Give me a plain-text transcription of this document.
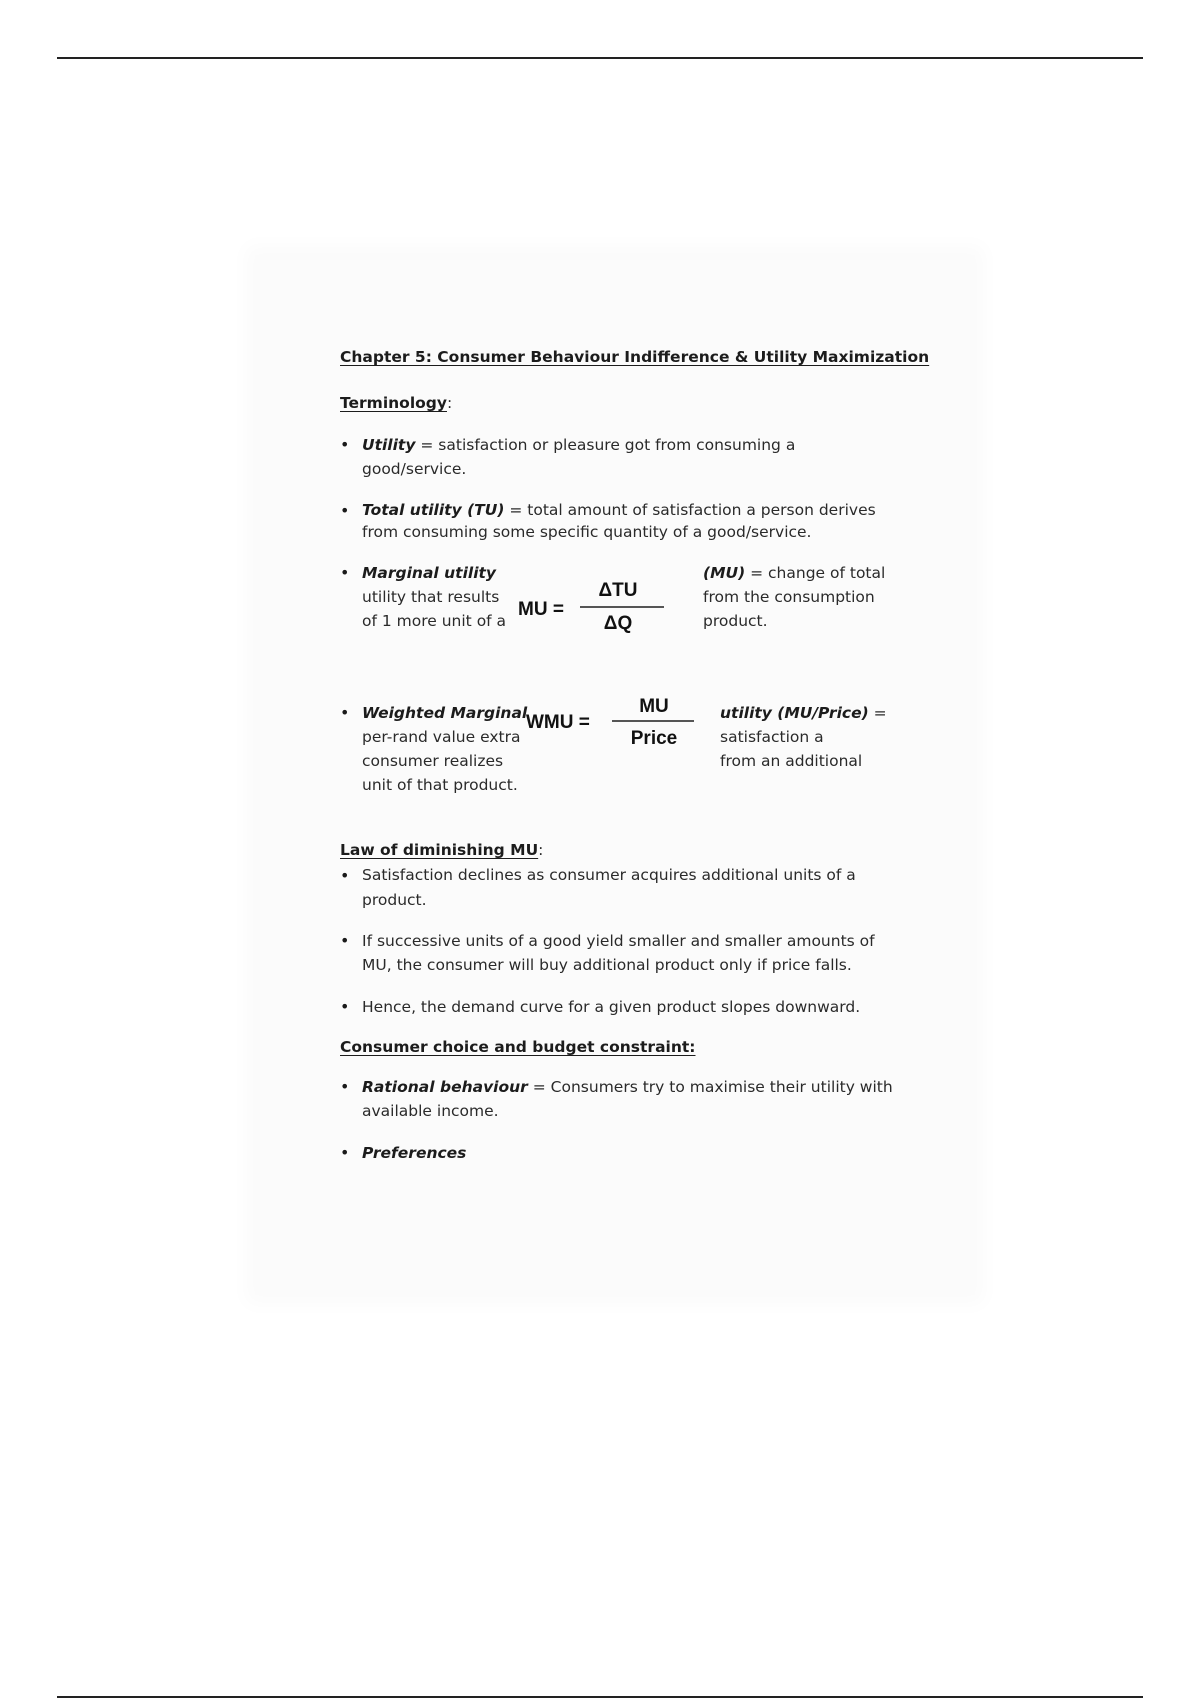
Chapter 5: Consumer Behaviour Indifference & Utility Maximization
Terminology:
• Utility = satisfaction or pleasure got from consuming a
good/service.
• Total utility (TU) = total amount of satisfaction a person derives
from consuming some specific quantity of a good/service.
• Marginal utility
utility that results
of 1 more unit of a
MU =
ΔTU
ΔQ
(MU) = change of total
from the consumption
product.
• Weighted Marginal
per-rand value extra
consumer realizes
unit of that product.
WMU =
MU
Price
utility (MU/Price) =
satisfaction a
from an additional
Law of diminishing MU:
• Satisfaction declines as consumer acquires additional units of a
product.
• If successive units of a good yield smaller and smaller amounts of
MU, the consumer will buy additional product only if price falls.
• Hence, the demand curve for a given product slopes downward.
Consumer choice and budget constraint:
• Rational behaviour = Consumers try to maximise their utility with
available income.
• Preferences
